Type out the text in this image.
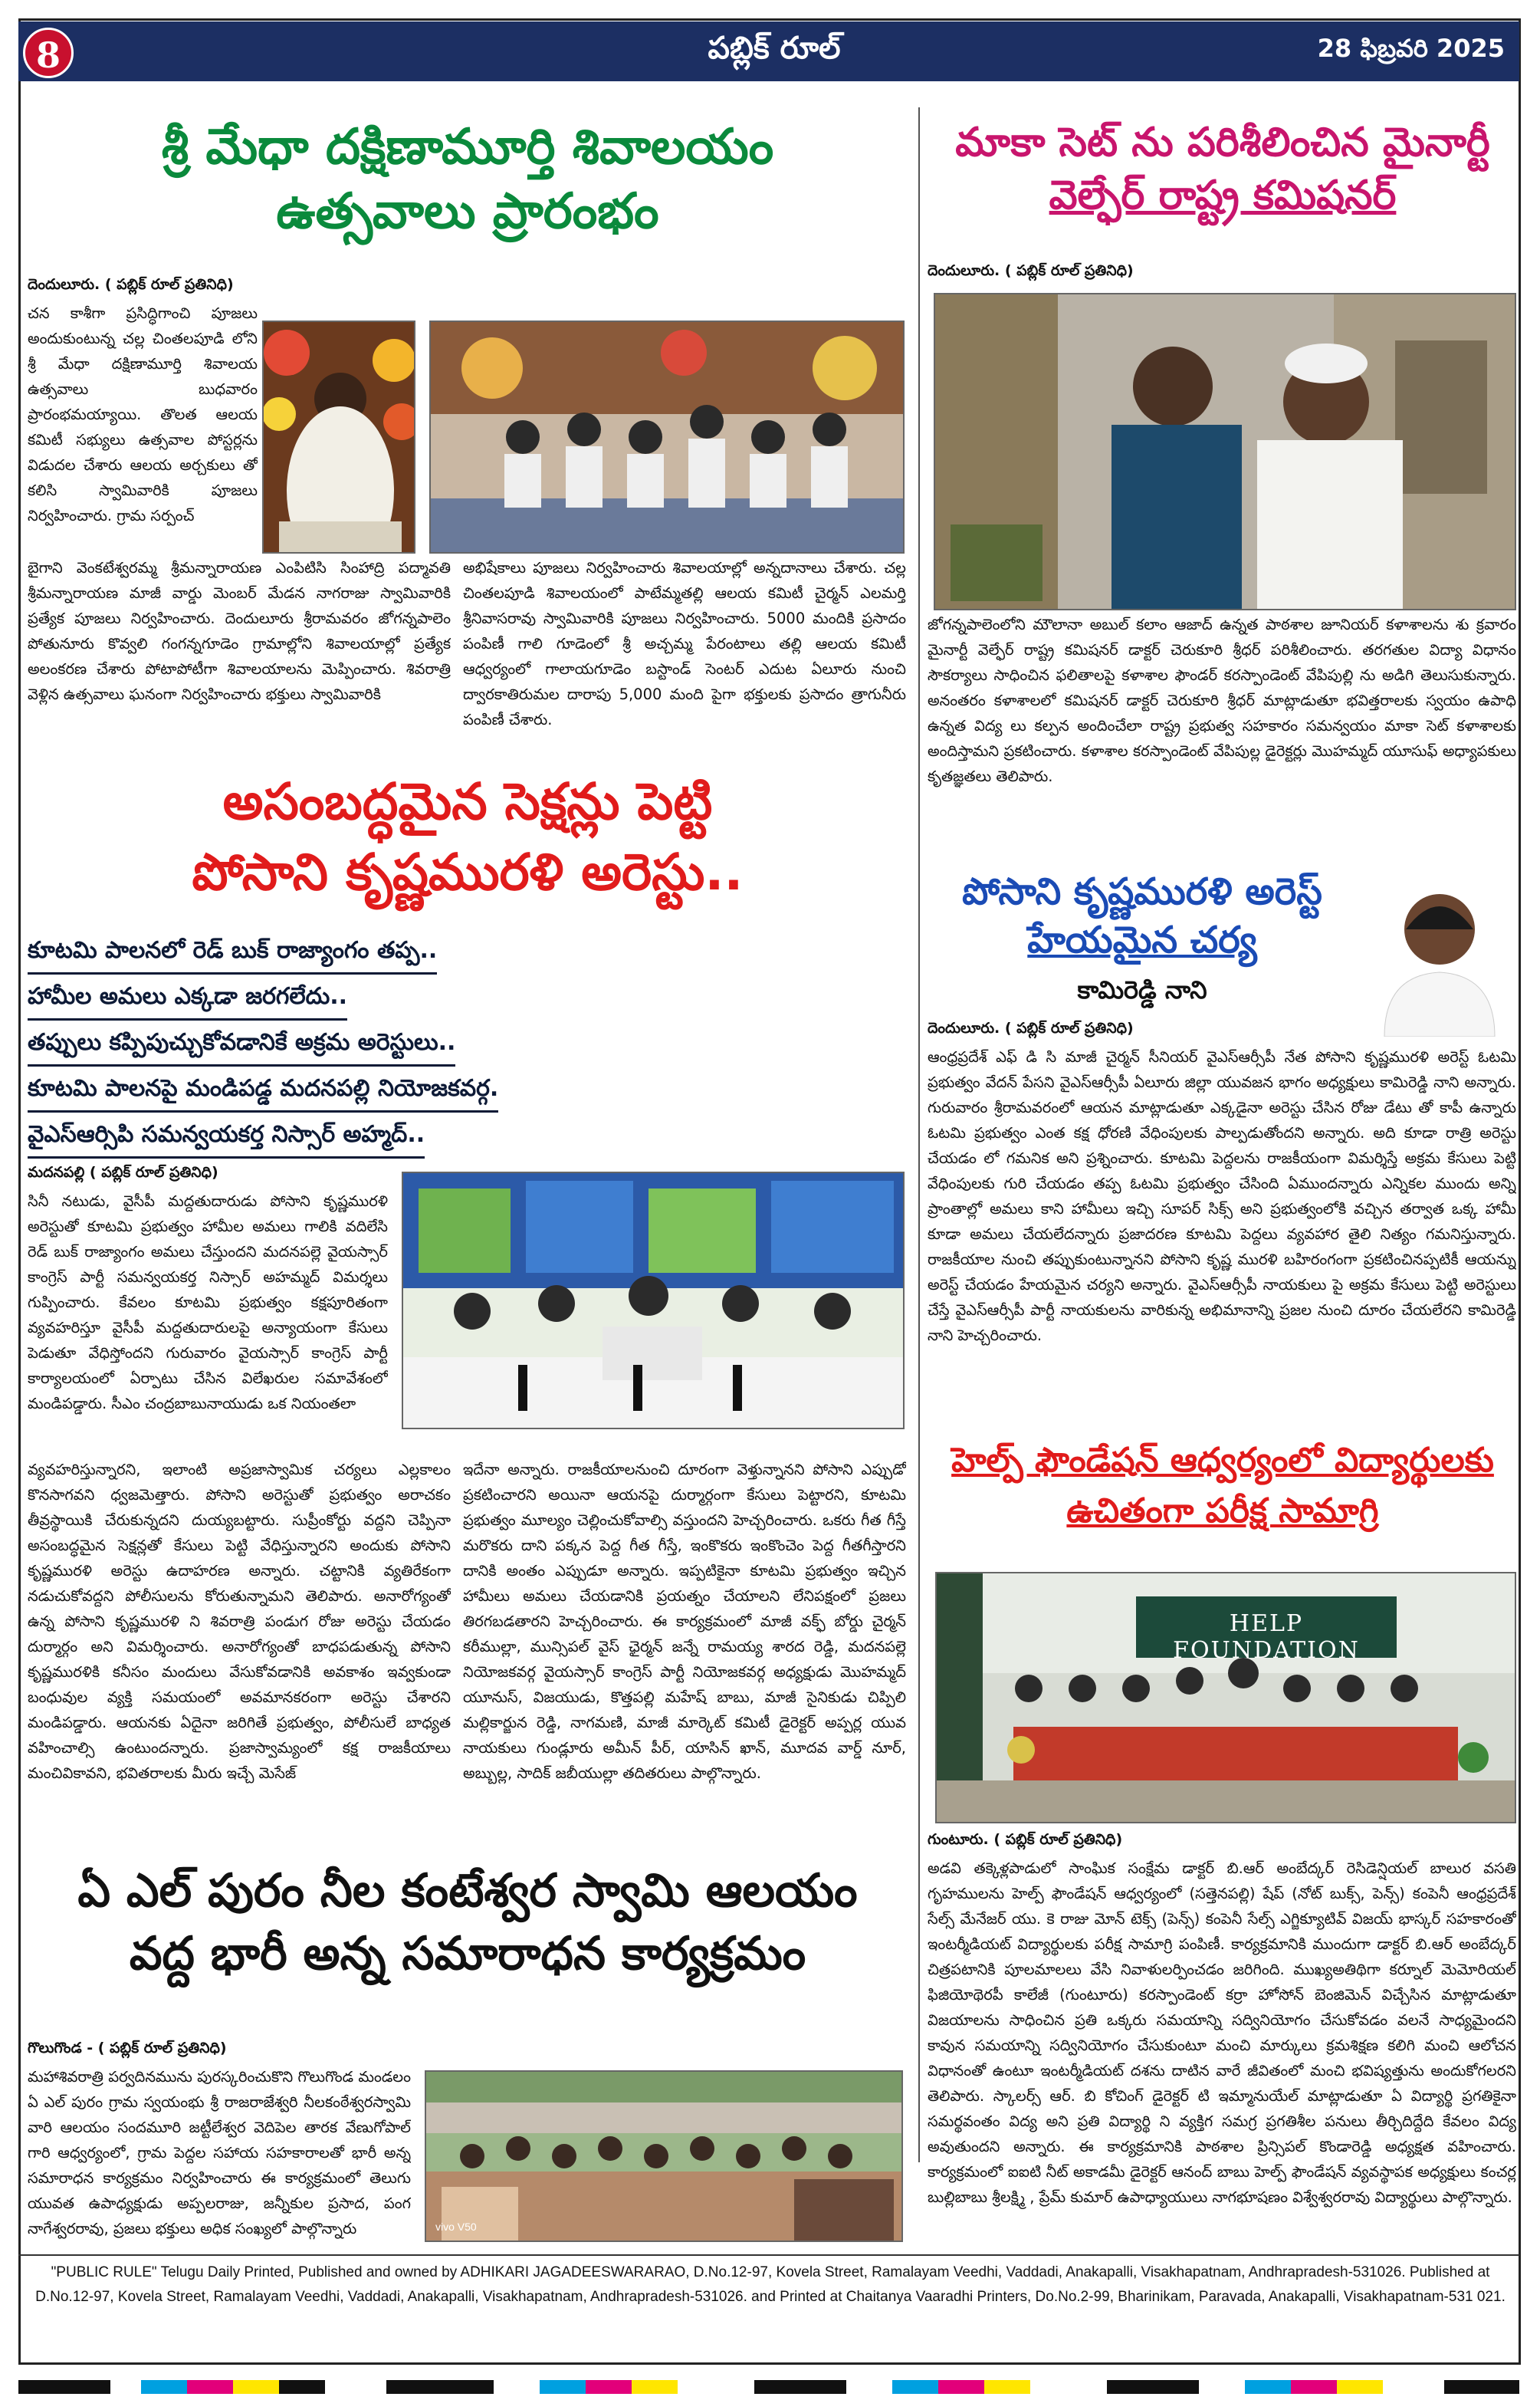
8	పబ్లిక్ రూల్	28 ఫిబ్రవరి 2025
శ్రీ మేధా దక్షిణామూర్తి శివాలయం
ఉత్సవాలు ప్రారంభం
దెందులూరు. ( పబ్లిక్ రూల్ ప్రతినిధి)
చన కాశీగా ప్రసిద్ధిగాంచి పూజలు అందుకుంటున్న చల్ల చింతలపూడి లోని శ్రీ మేధా దక్షిణామూర్తి శివాలయ ఉత్సవాలు బుధవారం ప్రారంభమయ్యాయి. తొలత ఆలయ కమిటీ సభ్యులు ఉత్సవాల పోస్టర్లను విడుదల చేశారు ఆలయ అర్చకులు తో కలిసి స్వామివారికి పూజలు నిర్వహించారు. గ్రామ సర్పంచ్
బైగాని వెంకటేశ్వరమ్మ శ్రీమన్నారాయణ ఎంపిటిసి సింహాద్రి పద్మావతి శ్రీమన్నారాయణ మాజీ వార్డు మెంబర్ మేడన నాగరాజు స్వామివారికి ప్రత్యేక పూజలు నిర్వహించారు. దెందులూరు శ్రీరామవరం జోగన్నపాలెం పోతునూరు కొవ్వలి గంగన్నగూడెం గ్రామాల్లోని శివాలయాల్లో ప్రత్యేక అలంకరణ చేశారు పోటాపోటీగా శివాలయాలను మెప్పించారు. శివరాత్రి వెళ్లిన ఉత్సవాలు ఘనంగా నిర్వహించారు భక్తులు స్వామివారికి
అభిషేకాలు పూజలు నిర్వహించారు శివాలయాల్లో అన్నదానాలు చేశారు. చల్ల చింతలపూడి శివాలయంలో పాటేమ్మతల్లి ఆలయ కమిటీ చైర్మన్ ఎలమర్తి శ్రీనివాసరావు స్వామివారికి పూజలు నిర్వహించారు. 5000 మందికి ప్రసాదం పంపిణీ గాలి గూడెంలో శ్రీ అచ్చమ్మ పేరంటాలు తల్లి ఆలయ కమిటీ ఆధ్వర్యంలో గాలాయగూడెం బస్టాండ్ సెంటర్ ఎదుట ఏలూరు నుంచి ద్వారకాతిరుమల దారాపు 5,000 మంది పైగా భక్తులకు ప్రసాదం త్రాగునీరు పంపిణీ చేశారు.
మాకా సెట్ ను పరిశీలించిన మైనార్టీ
వెల్ఫేర్ రాష్ట్ర కమిషనర్
దెందులూరు. ( పబ్లిక్ రూల్ ప్రతినిధి)
జోగన్నపాలెంలోని మౌలానా అబుల్ కలాం ఆజాద్ ఉన్నత పాఠశాల జూనియర్ కళాశాలను శు క్రవారం మైనార్టీ వెల్ఫేర్ రాష్ట్ర కమిషనర్ డాక్టర్ చెరుకూరి శ్రీధర్ పరిశీలించారు. తరగతుల విద్యా విధానం సౌకర్యాలు సాధించిన ఫలితాలపై కళాశాల ఫౌండర్ కరస్పాండెంట్ వేపిపుల్లి ను అడిగి తెలుసుకున్నారు. అనంతరం కళాశాలలో కమిషనర్ డాక్టర్ చెరుకూరి శ్రీధర్ మాట్లాడుతూ భవిత్తరాలకు స్వయం ఉపాధి ఉన్నత విద్య లు కల్పన అందించేలా రాష్ట్ర ప్రభుత్వ సహకారం సమన్వయం మాకా సెట్ కళాశాలకు అందిస్తామని ప్రకటించారు. కళాశాల కరస్పాండెంట్ వేపిపుల్ల డైరెక్టర్లు మొహమ్మద్ యూసుఫ్ అధ్యాపకులు కృతజ్ఞతలు తెలిపారు.
అసంబద్ధమైన సెక్షన్లు పెట్టి
పోసాని కృష్ణమురళి అరెస్టు..
కూటమి పాలనలో రెడ్ బుక్ రాజ్యాంగం తప్ప..
హామీల అమలు ఎక్కడా జరగలేదు..
తప్పులు కప్పిపుచ్చుకోవడానికే అక్రమ అరెస్టులు..
కూటమి పాలనపై మండిపడ్డ మదనపల్లి నియోజకవర్గ.
వైఎస్ఆర్సిపి సమన్వయకర్త నిస్సార్ అహ్మద్..
మదనపల్లి ( పబ్లిక్ రూల్ ప్రతినిధి)
సినీ నటుడు, వైసీపీ మద్దతుదారుడు పోసాని కృష్ణమురళి అరెస్టుతో కూటమి ప్రభుత్వం హామీల అమలు గాలికి వదిలేసి రెడ్ బుక్ రాజ్యాంగం అమలు చేస్తుందని మదనపల్లె వైయస్సార్ కాంగ్రెస్ పార్టీ సమన్వయకర్త నిస్సార్ అహమ్మద్ విమర్శలు గుప్పించారు. కేవలం కూటమి ప్రభుత్వం కక్షపూరితంగా వ్యవహరిస్తూ వైసీపీ మద్దతుదారులపై అన్యాయంగా కేసులు పెడుతూ వేధిస్తోందని గురువారం వైయస్సార్ కాంగ్రెస్ పార్టీ కార్యాలయంలో ఏర్పాటు చేసిన విలేఖరుల సమావేశంలో మండిపడ్డారు. సీఎం చంద్రబాబునాయుడు ఒక నియంతలా
వ్యవహరిస్తున్నారని, ఇలాంటి అప్రజాస్వామిక చర్యలు ఎల్లకాలం కొనసాగవని ధ్వజమెత్తారు. పోసాని అరెస్టుతో ప్రభుత్వం అరాచకం తీవ్రస్థాయికి చేరుకున్నదని దుయ్యబట్టారు. సుప్రీంకోర్టు వద్దని చెప్పినా అసంబద్ధమైన సెక్షన్లతో కేసులు పెట్టి వేధిస్తున్నారని అందుకు పోసాని కృష్ణమురళి అరెస్టు ఉదాహరణ అన్నారు. చట్టానికి వ్యతిరేకంగా నడుచుకోవద్దని పోలీసులను కోరుతున్నామని తెలిపారు. అనారోగ్యంతో ఉన్న పోసాని కృష్ణమురళి ని శివరాత్రి పండుగ రోజు అరెస్టు చేయడం దుర్మార్గం అని విమర్శించారు. అనారోగ్యంతో బాధపడుతున్న పోసాని కృష్ణమురళికి కనీసం మందులు వేసుకోవడానికి అవకాశం ఇవ్వకుండా బంధువుల వ్యక్తి సమయంలో అవమానకరంగా అరెస్టు చేశారని మండిపడ్డారు. ఆయనకు ఏదైనా జరిగితే ప్రభుత్వం, పోలీసులే బాధ్యత వహించాల్సి ఉంటుందన్నారు. ప్రజాస్వామ్యంలో కక్ష రాజకీయాలు మంచివికావని, భవితరాలకు మీరు ఇచ్చే మెసేజ్
ఇదేనా అన్నారు. రాజకీయాలనుంచి దూరంగా వెళ్తున్నానని పోసాని ఎప్పుడో ప్రకటించారని అయినా ఆయనపై దుర్మార్గంగా కేసులు పెట్టారని, కూటమి ప్రభుత్వం మూల్యం చెల్లించుకోవాల్సి వస్తుందని హెచ్చరించారు. ఒకరు గీత గీస్తే మరొకరు దాని పక్కన పెద్ద గీత గీస్తే, ఇంకొకరు ఇంకొంచెం పెద్ద గీతగీస్తారని దానికి అంతం ఎప్పుడూ అన్నారు. ఇప్పటికైనా కూటమి ప్రభుత్వం ఇచ్చిన హామీలు అమలు చేయడానికి ప్రయత్నం చేయాలని లేనిపక్షంలో ప్రజలు తిరగబడతారని హెచ్చరించారు. ఈ కార్యక్రమంలో మాజీ వక్ఫ్ బోర్డు చైర్మన్ కరీముల్లా, మున్సిపల్ వైస్ ఛైర్మన్ జన్నే రామయ్య శారద రెడ్డి, మదనపల్లె నియోజకవర్గ వైయస్సార్ కాంగ్రెస్ పార్టీ నియోజకవర్గ అధ్యక్షుడు మొహమ్మద్ యూనుస్, విజయుడు, కొత్తపల్లి మహేష్ బాబు, మాజీ సైనికుడు చిప్పిలి మల్లికార్జున రెడ్డి, నాగమణి, మాజీ మార్కెట్ కమిటీ డైరెక్టర్ అప్పర్ల యువ నాయకులు గుండ్లూరు అమీన్ పీర్, యాసిన్ ఖాన్, మూదవ వార్డ్ నూర్, అబ్బుల్ల, సాదిక్ జబీయుల్లా తదితరులు పాల్గొన్నారు.
పోసాని కృష్ణమురళి అరెస్ట్
హేయమైన చర్య
కామిరెడ్డి నాని
దెందులూరు. ( పబ్లిక్ రూల్ ప్రతినిధి)
ఆంధ్రప్రదేశ్ ఎఫ్ డి సి మాజీ చైర్మన్ సీనియర్ వైఎస్ఆర్సీపీ నేత పోసాని కృష్ణమురళి అరెస్ట్ ఓటమి ప్రభుత్వం వేదన్ పేసని వైఎస్ఆర్సీపీ ఏలూరు జిల్లా యువజన భాగం అధ్యక్షులు కామిరెడ్డి నాని అన్నారు. గురువారం శ్రీరామవరంలో ఆయన మాట్లాడుతూ ఎక్కడైనా అరెస్టు చేసిన రోజు డేటు తో కాపీ ఉన్నారు ఓటమి ప్రభుత్వం ఎంత కక్ష ధోరణి వేధింపులకు పాల్పడుతోందని అన్నారు. అది కూడా రాత్రి అరెస్టు చేయడం లో గమనిక అని ప్రశ్నించారు. కూటమి పెద్దలను రాజకీయంగా విమర్శిస్తే అక్రమ కేసులు పెట్టి వేధింపులకు గురి చేయడం తప్ప ఓటమి ప్రభుత్వం చేసింది ఏముందన్నారు ఎన్నికల ముందు అన్ని ప్రాంతాల్లో అమలు కాని హామీలు ఇచ్చి సూపర్ సిక్స్ అని ప్రభుత్వంలోకి వచ్చిన తర్వాత ఒక్క హామీ కూడా అమలు చేయలేదన్నారు ప్రజాదరణ కూటమి పెద్దలు వ్యవహార తైలి నిత్యం గమనిస్తున్నారు. రాజకీయాల నుంచి తప్పుకుంటున్నానని పోసాని కృష్ణ మురళి బహిరంగంగా ప్రకటించినప్పటికీ ఆయన్ను అరెస్ట్ చేయడం హేయమైన చర్యని అన్నారు. వైఎస్ఆర్సీపీ నాయకులు పై అక్రమ కేసులు పెట్టి అరెస్టులు చేస్తే వైఎస్ఆర్సీపీ పార్టీ నాయకులను వారికున్న అభిమానాన్ని ప్రజల నుంచి దూరం చేయలేరని కామిరెడ్డి నాని హెచ్చరించారు.
హెల్ప్ ఫౌండేషన్ ఆధ్వర్యంలో విద్యార్థులకు
ఉచితంగా పరీక్ష సామాగ్రి
HELP FOUNDATION
గుంటూరు. ( పబ్లిక్ రూల్ ప్రతినిధి)
అడవి తక్కెళ్లపాడులో సాంఘిక సంక్షేమ డాక్టర్ బి.ఆర్ అంబేద్కర్ రెసిడెన్షియల్ బాలుర వసతి గృహములను హెల్ప్ ఫౌండేషన్ ఆధ్వర్యంలో (సత్తెనపల్లి) షేప్ (నోట్ బుక్స్, పెన్స్) కంపెనీ ఆంధ్రప్రదేశ్ సేల్స్ మేనేజర్ యు. కె రాజు మోన్ టెక్స్ (పెన్స్) కంపెనీ సేల్స్ ఎగ్జిక్యూటివ్ విజయ్ భాస్కర్ సహకారంతో ఇంటర్మీడియట్ విద్యార్థులకు పరీక్ష సామాగ్రి పంపిణీ. కార్యక్రమానికి ముందుగా డాక్టర్ బి.ఆర్ అంబేద్కర్ చిత్రపటానికి పూలమాలలు వేసి నివాళులర్పించడం జరిగింది. ముఖ్యఅతిథిగా కర్నూల్ మెమోరియల్ ఫిజియోథెరపీ కాలేజీ (గుంటూరు) కరస్పాండెంట్ కర్రా హోసోన్ బెంజిమెన్ విచ్చేసిన మాట్లాడుతూ విజయాలను సాధించిన ప్రతి ఒక్కరు సమయాన్ని సద్వినియోగం చేసుకోవడం వలనే సాధ్యమైందని కావున సమయాన్ని సద్వినియోగం చేసుకుంటూ మంచి మార్కులు క్రమశిక్షణ కలిగి మంచి ఆలోచన విధానంతో ఉంటూ ఇంటర్మీడియట్ దశను దాటిన వారే జీవితంలో మంచి భవిష్యత్తును అందుకోగలరని తెలిపారు. స్కాలర్స్ ఆర్. బి కోచింగ్ డైరెక్టర్ టి ఇమ్మానుయేల్ మాట్లాడుతూ ఏ విద్యార్థి ప్రగతికైనా సమర్థవంతం విద్య అని ప్రతి విద్యార్థి ని వ్యక్తిగ సమగ్ర ప్రగతిశీల పనులు తీర్చిదిద్దేది కేవలం విద్య అవుతుందని అన్నారు. ఈ కార్యక్రమానికి పాఠశాల ప్రిన్సిపల్ కొండారెడ్డి అధ్యక్షత వహించారు. కార్యక్రమంలో ఐఐటి నీట్ అకాడమీ డైరెక్టర్ ఆనంద్ బాబు హెల్ప్ ఫౌండేషన్ వ్యవస్థాపక అధ్యక్షులు కంచర్ల బుల్లిబాబు శ్రీలక్ష్మి , ప్రేమ్ కుమార్ ఉపాధ్యాయులు నాగభూషణం విశ్వేశ్వరరావు విద్యార్థులు పాల్గొన్నారు.
ఏ ఎల్ పురం నీల కంటేశ్వర స్వామి ఆలయం
వద్ద భారీ అన్న సమారాధన కార్యక్రమం
గొలుగొండ - ( పబ్లిక్ రూల్ ప్రతినిధి)
మహాశివరాత్రి పర్వదినమును పురస్కరించుకొని గొలుగొండ మండలం ఏ ఎల్ పురం గ్రామ స్వయంభు శ్రీ రాజరాజేశ్వరి నీలకంఠేశ్వరస్వామి వారి ఆలయం సందమూరి జట్టీలేశ్వర వెదిపెల తారక వేణుగోపాల్ గారి ఆధ్వర్యంలో, గ్రామ పెద్దల సహాయ సహకారాలతో భారీ అన్న సమారాధన కార్యక్రమం నిర్వహించారు ఈ కార్యక్రమంలో తెలుగు యువత ఉపాధ్యక్షుడు అప్పలరాజు, జన్నీకుల ప్రసాద, పంగ నాగేశ్వరరావు, ప్రజలు భక్తులు అధిక సంఖ్యలో పాల్గొన్నారు	vivo V50
"PUBLIC RULE" Telugu Daily Printed, Published and owned by ADHIKARI JAGADEESWARARAO, D.No.12-97, Kovela Street, Ramalayam Veedhi, Vaddadi, Anakapalli, Visakhapatnam, Andhrapradesh-531026. Published at
D.No.12-97, Kovela Street, Ramalayam Veedhi, Vaddadi, Anakapalli, Visakhapatnam, Andhrapradesh-531026. and Printed at Chaitanya Vaaradhi Printers, Do.No.2-99, Bharinikam, Paravada, Anakapalli, Visakhapatnam-531 021.
